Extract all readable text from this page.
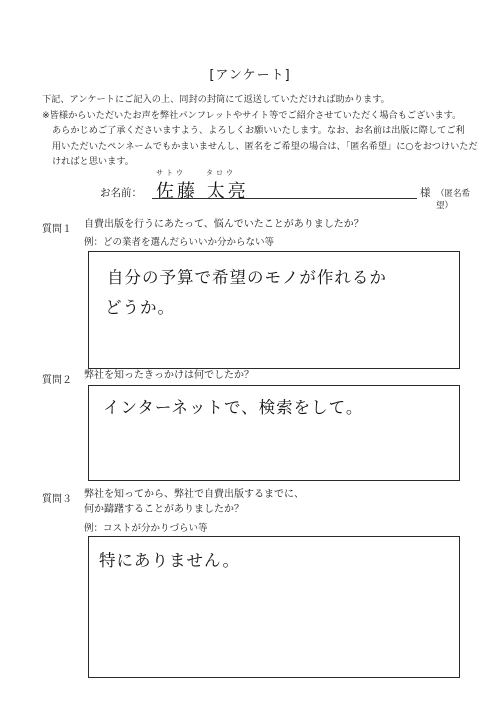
[アンケート]
下記、アンケートにご記入の上、同封の封筒にて返送していただければ助かります。
※皆様からいただいたお声を弊社パンフレットやサイト等でご紹介させていただく場合もございます。
あらかじめご了承くださいますよう、よろしくお願いいたします。なお、お名前は出版に際してご利
用いただいたペンネームでもかまいませんし、匿名をご希望の場合は、「匿名希望」に○をおつけいただ
ければと思います。
お名前：
サトウ	タロウ
佐藤 太亮	様 （匿名希望）
質問１ 自費出版を行うにあたって、悩んでいたことがありましたか？
例：どの業者を選んだらいいか分からない等
自分の予算で希望のモノが作れるか
どうか。
質問２ 弊社を知ったきっかけは何でしたか？
インターネットで、検索をして。
質問３ 弊社を知ってから、弊社で自費出版するまでに、
何か躊躇することがありましたか？
例：コストが分かりづらい等
特にありません。
